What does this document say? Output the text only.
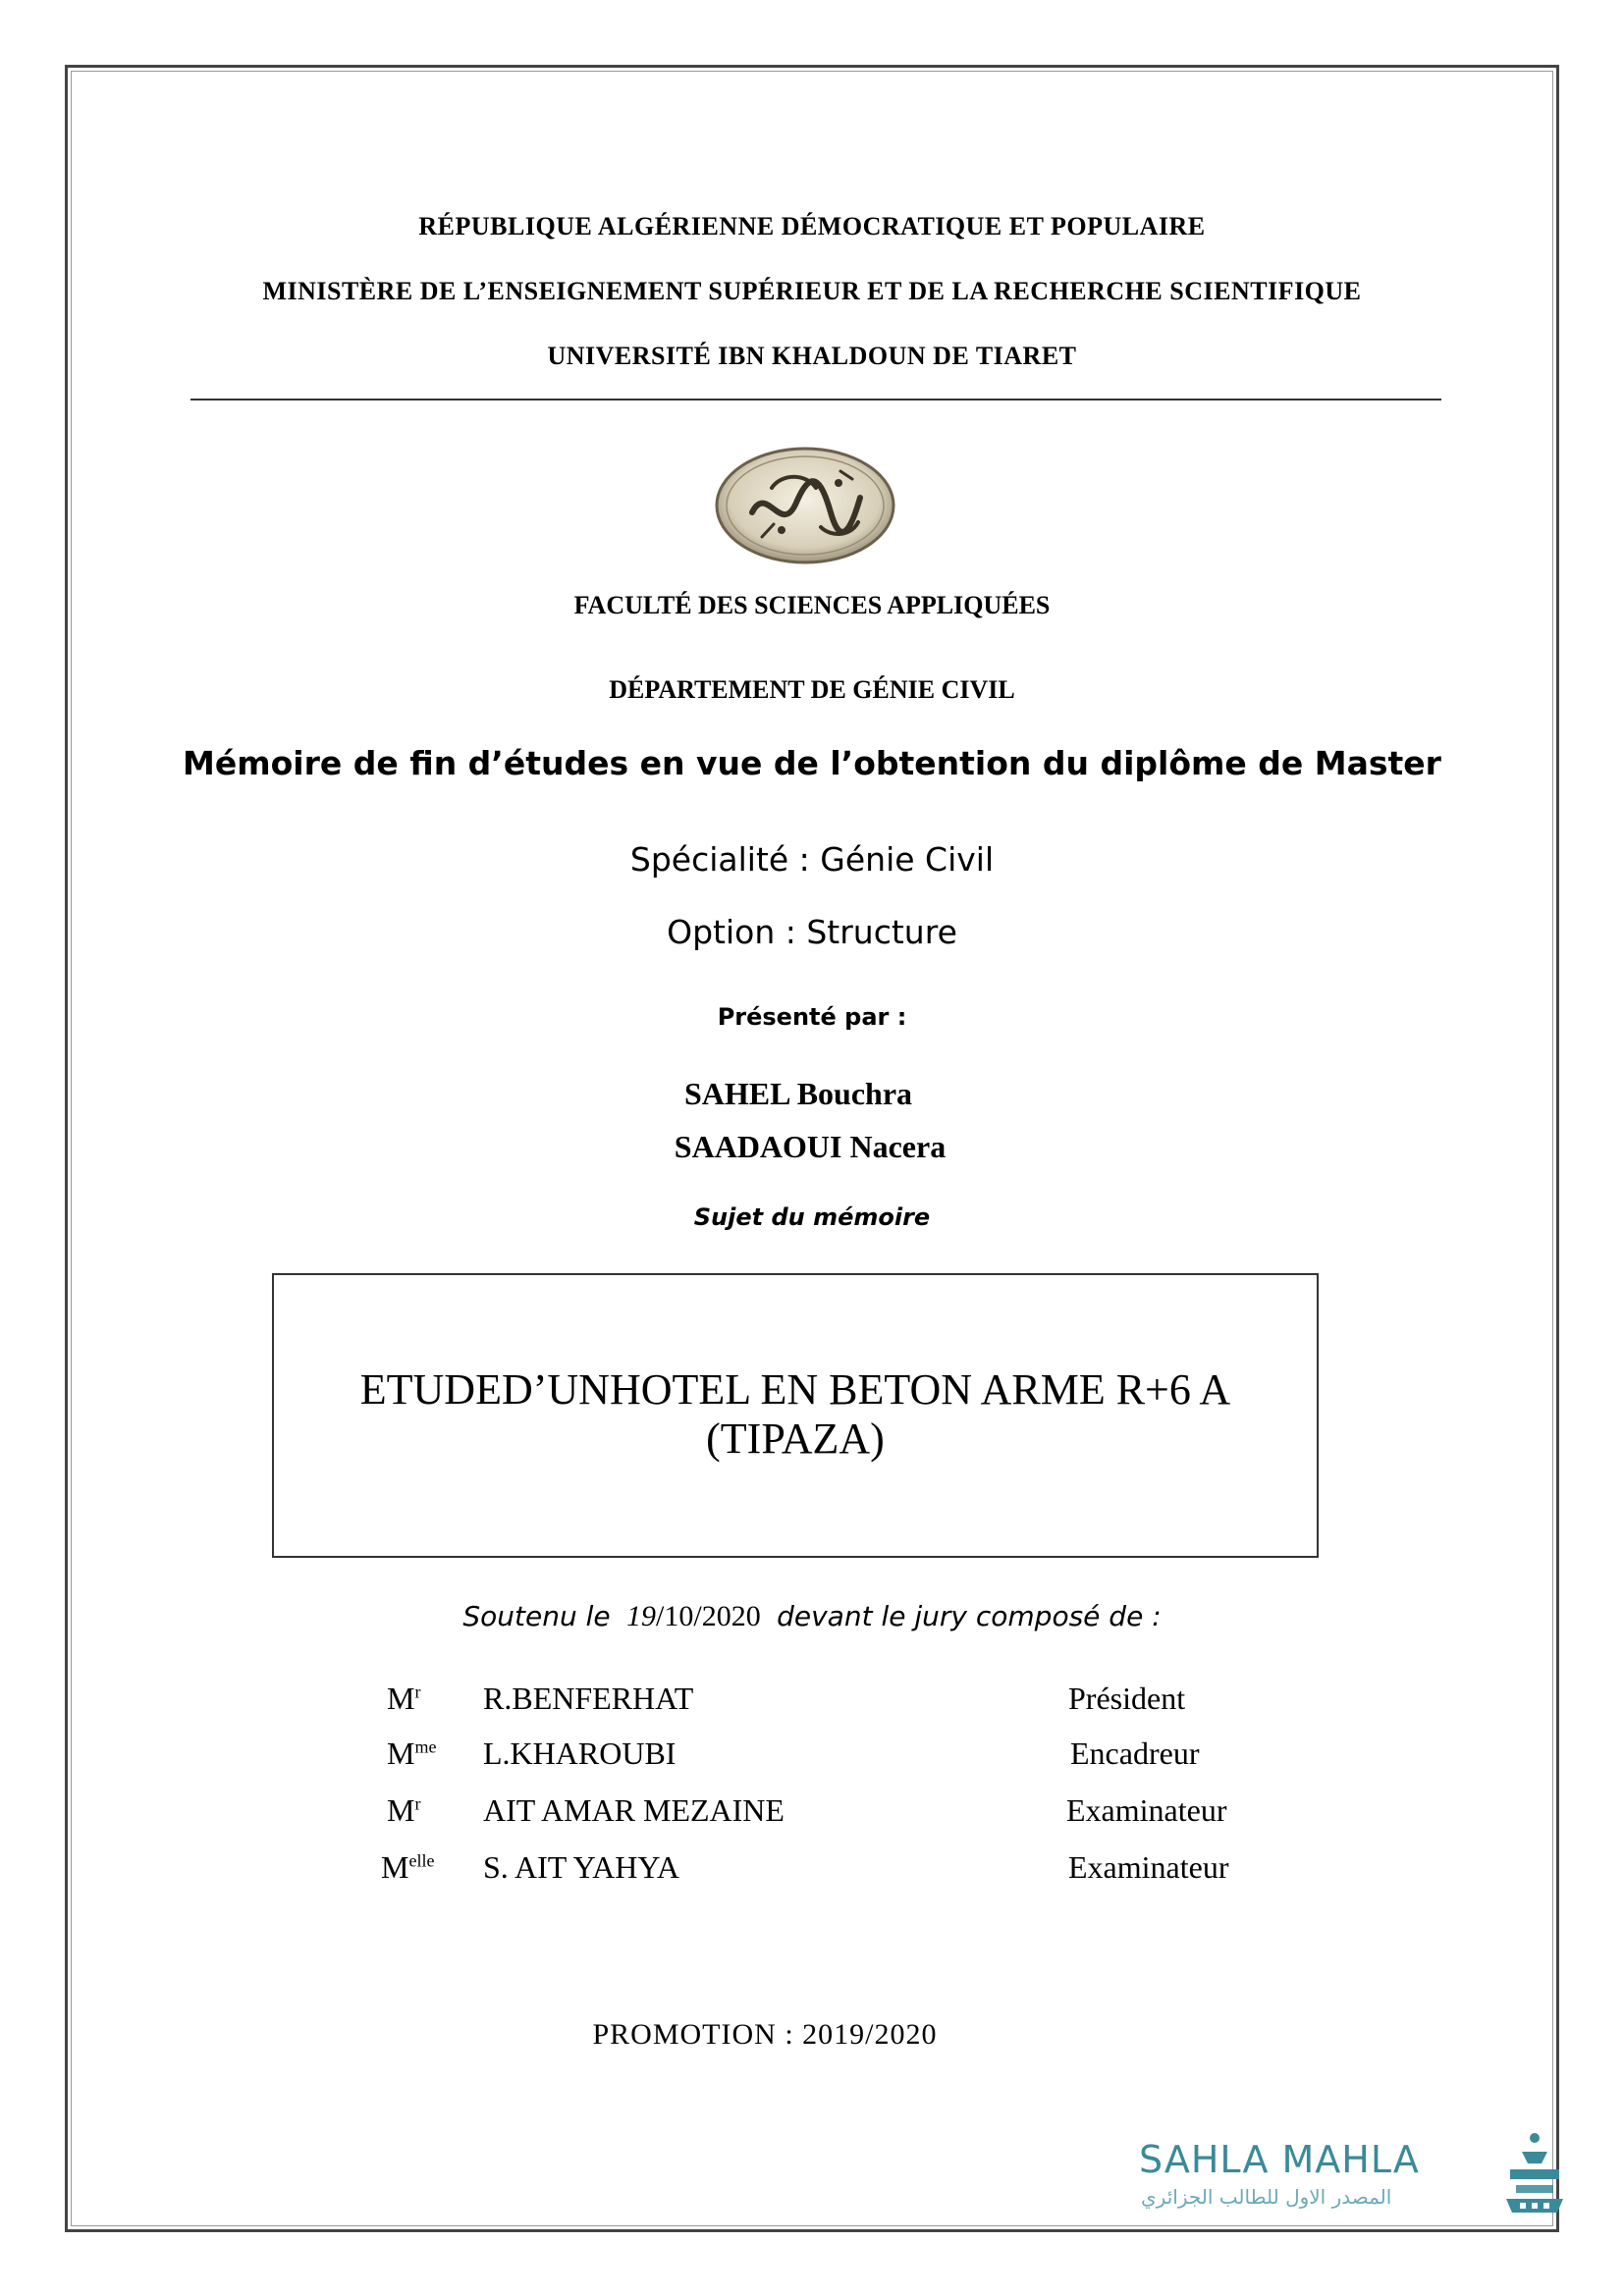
RÉPUBLIQUE ALGÉRIENNE DÉMOCRATIQUE ET POPULAIRE
MINISTÈRE DE L’ENSEIGNEMENT SUPÉRIEUR ET DE LA RECHERCHE SCIENTIFIQUE
UNIVERSITÉ IBN KHALDOUN DE TIARET
FACULTÉ DES SCIENCES APPLIQUÉES
DÉPARTEMENT DE GÉNIE CIVIL
Mémoire de fin d’études en vue de l’obtention du diplôme de Master
Spécialité : Génie Civil
Option : Structure
Présenté par :
SAHEL Bouchra
SAADAOUI Nacera
Sujet du mémoire
ETUDED’UNHOTEL EN BETON ARME R+6 A
(TIPAZA)
Soutenu le 19/10/2020 devant le jury composé de :
$M^r$ R.BENFERHAT	Président
$M^{me}$ L.KHAROUBI	Encadreur
$M^r$ AIT AMAR MEZAINE	Examinateur
$M^{elle}$ S. AIT YAHYA	Examinateur
PROMOTION : 2019/2020
SAHLA MAHLA
المصدر الاول للطالب الجزائري
